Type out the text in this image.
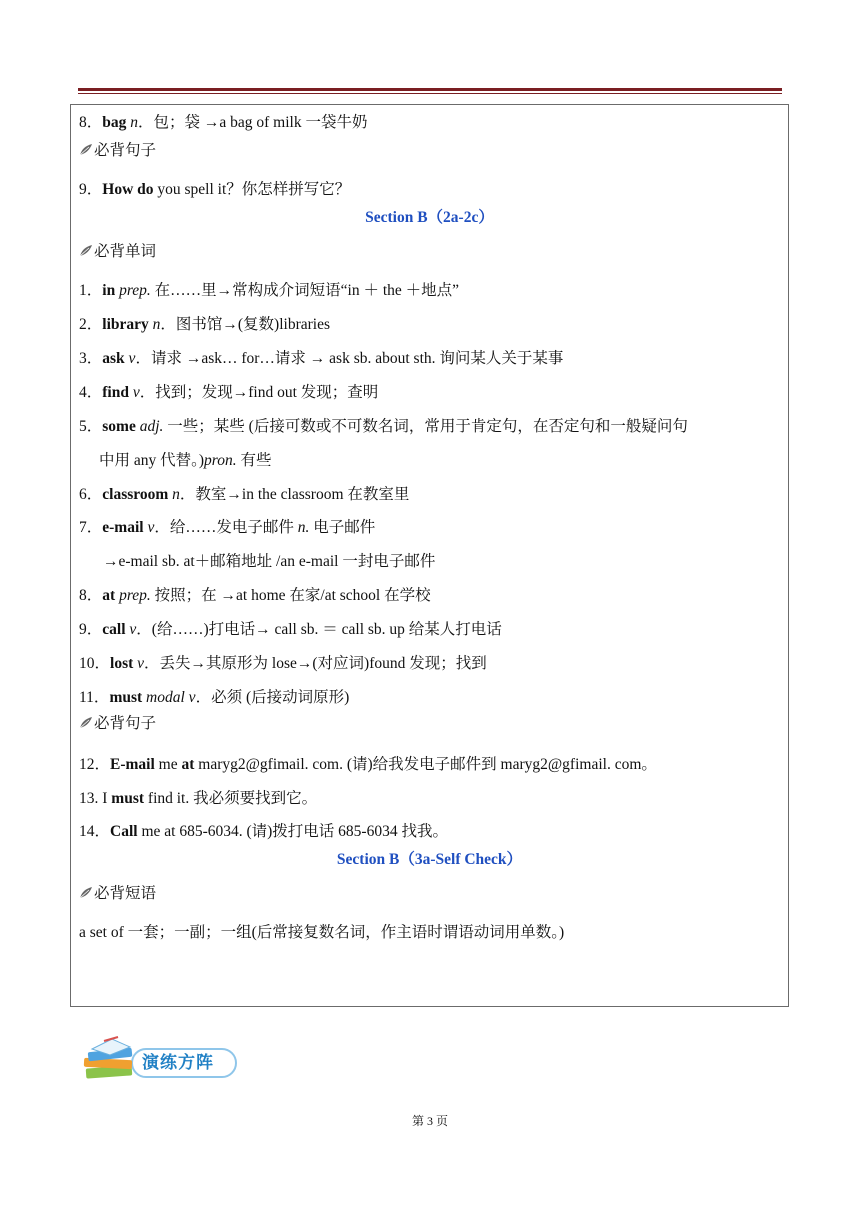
8．bag n．包；袋 →a bag of milk 一袋牛奶
必背句子
9．How do you spell it？你怎样拼写它？
Section B（2a-2c）
必背单词
1．in prep. 在……里→常构成介词短语“in ＋ the ＋地点”
2．library n．图书馆→(复数)libraries
3．ask v．请求 →ask… for…请求 → ask sb. about sth. 询问某人关于某事
4．find v．找到；发现→find out 发现；查明
5．some adj. 一些；某些 (后接可数或不可数名词，常用于肯定句，在否定句和一般疑问句
中用 any 代替。)pron. 有些
6．classroom n．教室→in the classroom 在教室里
7．e-mail v．给……发电子邮件 n. 电子邮件
→e-mail sb. at＋邮箱地址 /an e-mail 一封电子邮件
8．at prep. 按照；在 →at home 在家/at school 在学校
9．call v．(给……)打电话→ call sb. ＝ call sb. up 给某人打电话
10．lost v．丢失→其原形为 lose→(对应词)found 发现；找到
11．must modal v．必须 (后接动词原形)
必背句子
12．E-mail me at maryg2@gfimail. com. (请)给我发电子邮件到 maryg2@gfimail. com。
13. I must find it. 我必须要找到它。
14．Call me at 685-6034. (请)拨打电话 685-6034 找我。
Section B（3a-Self Check）
必背短语
a set of 一套；一副；一组(后常接复数名词，作主语时谓语动词用单数。)
演练方阵
第 3 页
